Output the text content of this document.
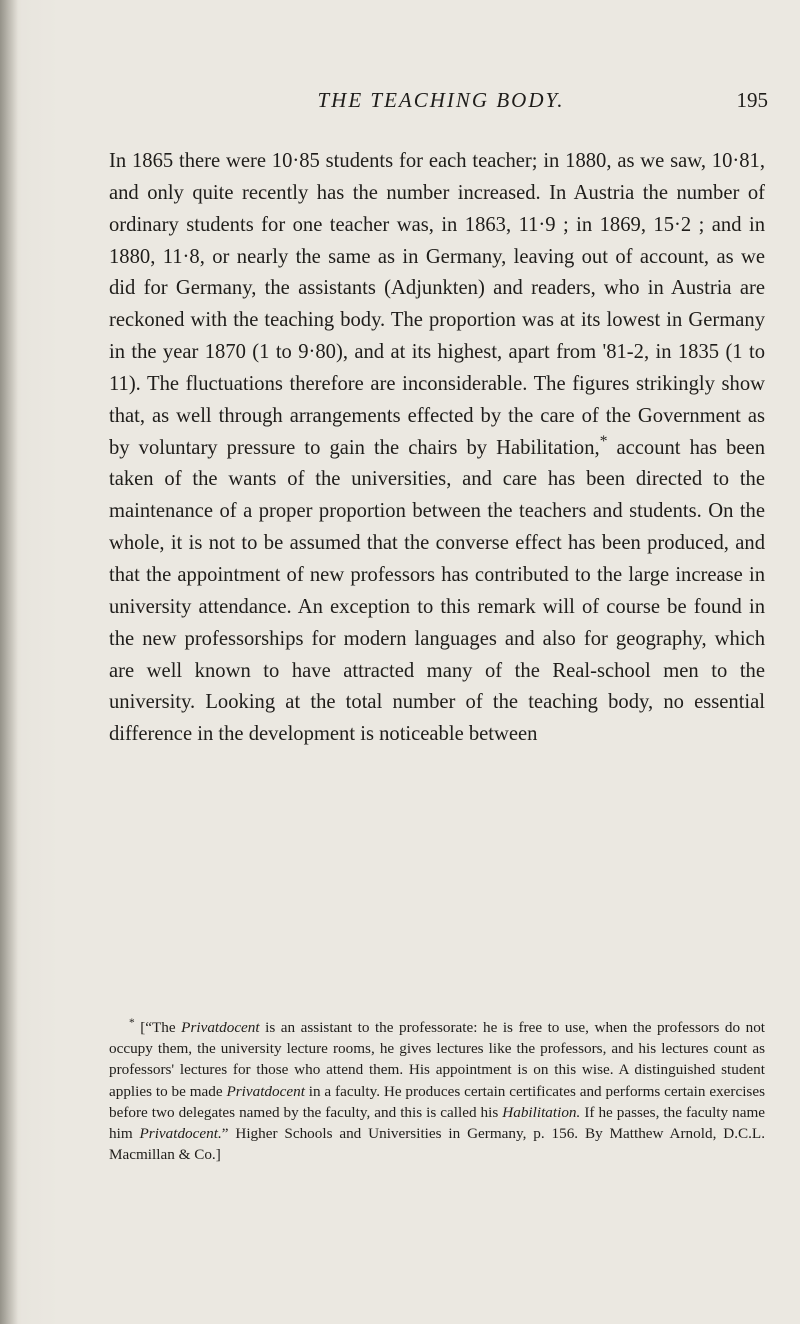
THE TEACHING BODY.	195

In 1865 there were 10·85 students for each teacher; in 1880, as we saw, 10·81, and only quite recently has the number increased. In Austria the number of ordinary students for one teacher was, in 1863, 11·9 ; in 1869, 15·2 ; and in 1880, 11·8, or nearly the same as in Germany, leaving out of account, as we did for Germany, the assistants (Adjunkten) and readers, who in Austria are reckoned with the teaching body. The proportion was at its lowest in Germany in the year 1870 (1 to 9·80), and at its highest, apart from '81-2, in 1835 (1 to 11). The fluctuations therefore are inconsiderable. The figures strikingly show that, as well through arrangements effected by the care of the Government as by voluntary pressure to gain the chairs by Habilitation,* account has been taken of the wants of the universities, and care has been directed to the maintenance of a proper proportion between the teachers and students. On the whole, it is not to be assumed that the converse effect has been produced, and that the appointment of new professors has contributed to the large increase in university attendance. An exception to this remark will of course be found in the new professorships for modern languages and also for geography, which are well known to have attracted many of the Real-school men to the university. Looking at the total number of the teaching body, no essential difference in the development is noticeable between

* [“The Privatdocent is an assistant to the professorate: he is free to use, when the professors do not occupy them, the university lecture rooms, he gives lectures like the professors, and his lectures count as professors' lectures for those who attend them. His appointment is on this wise. A distinguished student applies to be made Privatdocent in a faculty. He produces certain certificates and performs certain exercises before two delegates named by the faculty, and this is called his Habilitation. If he passes, the faculty name him Privatdocent.” Higher Schools and Universities in Germany, p. 156. By Matthew Arnold, D.C.L. Macmillan & Co.]
